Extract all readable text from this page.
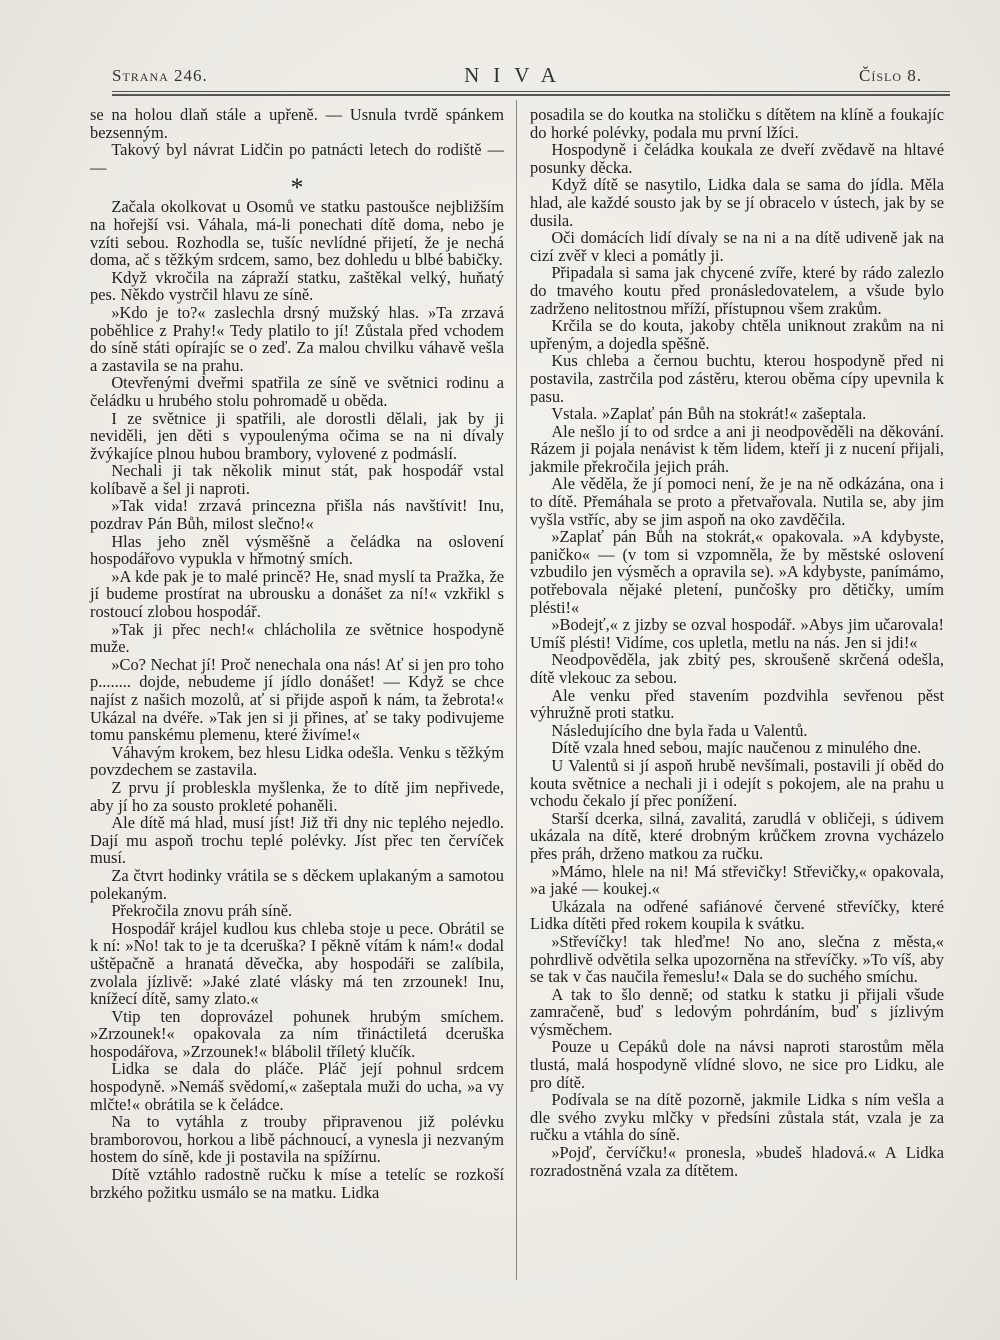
Strana 246.	NIVA	Číslo 8.

se na holou dlaň stále a upřeně. — Usnula tvrdě spánkem bezsenným.

Takový byl návrat Lidčin po patnácti letech do rodiště — —

*

Začala okolkovat u Osomů ve statku pastoušce nejbližším na hořejší vsi. Váhala, má-li ponechati dítě doma, nebo je vzíti sebou. Rozhodla se, tušíc nevlídné přijetí, že je nechá doma, ač s těžkým srdcem, samo, bez dohledu u blbé babičky.

Když vkročila na zápraží statku, zaštěkal velký, huňatý pes. Někdo vystrčil hlavu ze síně.

»Kdo je to?« zaslechla drsný mužský hlas. »Ta zrzavá poběhlice z Prahy!« Tedy platilo to jí! Zůstala před vchodem do síně státi opírajíc se o zeď. Za malou chvilku váhavě vešla a zastavila se na prahu.

Otevřenými dveřmi spatřila ze síně ve světnici rodinu a čeládku u hrubého stolu pohromadě u oběda.

I ze světnice ji spatřili, ale dorostli dělali, jak by ji neviděli, jen děti s vypoulenýma očima se na ni dívaly žvýkajíce plnou hubou brambory, vylovené z podmáslí.

Nechali ji tak několik minut stát, pak hospodář vstal kolíbavě a šel ji naproti.

»Tak vida! zrzavá princezna přišla nás navštívit! Inu, pozdrav Pán Bůh, milost slečno!«

Hlas jeho zněl výsměšně a čeládka na oslovení hospodářovo vypukla v hřmotný smích.

»A kde pak je to malé princě? He, snad myslí ta Pražka, že jí budeme prostírat na ubrousku a donášet za ní!« vzkřikl s rostoucí zlobou hospodář.

»Tak ji přec nech!« chlácholila ze světnice hospodyně muže.

»Co? Nechat jí! Proč nenechala ona nás! Ať si jen pro toho p........ dojde, nebudeme jí jídlo donášet! — Když se chce najíst z našich mozolů, ať si přijde aspoň k nám, ta žebrota!« Ukázal na dvéře. »Tak jen si ji přines, ať se taky podivujeme tomu panskému plemenu, které živíme!«

Váhavým krokem, bez hlesu Lidka odešla. Venku s těžkým povzdechem se zastavila.

Z prvu jí probleskla myšlenka, že to dítě jim nepřivede, aby jí ho za sousto prokleté pohaněli.

Ale dítě má hlad, musí jíst! Již tři dny nic teplého nejedlo. Dají mu aspoň trochu teplé polévky. Jíst přec ten červíček musí.

Za čtvrt hodinky vrátila se s děckem uplakaným a samotou polekaným.

Překročila znovu práh síně.

Hospodář krájel kudlou kus chleba stoje u pece. Obrátil se k ní: »No! tak to je ta dceruška? I pěkně vítám k nám!« dodal uštěpačně a hranatá děvečka, aby hospodáři se zalíbila, zvolala jízlivě: »Jaké zlaté vlásky má ten zrzounek! Inu, knížecí dítě, samy zlato.«

Vtip ten doprovázel pohunek hrubým smíchem. »Zrzounek!« opakovala za ním třináctiletá dceruška hospodářova, »Zrzounek!« blábolil tříletý klučík.

Lidka se dala do pláče. Pláč její pohnul srdcem hospodyně. »Nemáš svědomí,« zašeptala muži do ucha, »a vy mlčte!« obrátila se k čeládce.

Na to vytáhla z trouby připravenou již polévku bramborovou, horkou a libě páchnoucí, a vynesla ji nezvaným hostem do síně, kde ji postavila na spížírnu.

Dítě vztáhlo radostně ručku k míse a tetelíc se rozkoší brzkého požitku usmálo se na matku. Lidka

posadila se do koutka na stoličku s dítětem na klíně a foukajíc do horké polévky, podala mu první lžíci.

Hospodyně i čeládka koukala ze dveří zvědavě na hltavé posunky děcka.

Když dítě se nasytilo, Lidka dala se sama do jídla. Měla hlad, ale každé sousto jak by se jí obracelo v ústech, jak by se dusila.

Oči domácích lidí dívaly se na ni a na dítě udiveně jak na cizí zvěř v kleci a pomátly ji.

Připadala si sama jak chycené zvíře, které by rádo zalezlo do tmavého koutu před pronásledovatelem, a všude bylo zadrženo nelitostnou mříží, přístupnou všem zrakům.

Krčila se do kouta, jakoby chtěla uniknout zrakům na ni upřeným, a dojedla spěšně.

Kus chleba a černou buchtu, kterou hospodyně před ni postavila, zastrčila pod zástěru, kterou oběma cípy upevnila k pasu.

Vstala. »Zaplať pán Bůh na stokrát!« zašeptala.

Ale nešlo jí to od srdce a ani ji neodpověděli na děkování. Rázem ji pojala nenávist k těm lidem, kteří ji z nucení přijali, jakmile překročila jejich práh.

Ale věděla, že jí pomoci není, že je na ně odkázána, ona i to dítě. Přemáhala se proto a přetvařovala. Nutila se, aby jim vyšla vstříc, aby se jim aspoň na oko zavděčila.

»Zaplať pán Bůh na stokrát,« opakovala. »A kdybyste, paničko« — (v tom si vzpomněla, že by městské oslovení vzbudilo jen výsměch a opravila se). »A kdybyste, panímámo, potřebovala nějaké pletení, punčošky pro dětičky, umím plésti!«

»Bodejť,« z jizby se ozval hospodář. »Abys jim učarovala! Umíš plésti! Vidíme, cos upletla, metlu na nás. Jen si jdi!«

Neodpověděla, jak zbitý pes, skroušeně skrčená odešla, dítě vlekouc za sebou.

Ale venku před stavením pozdvihla sevřenou pěst výhružně proti statku.

Následujícího dne byla řada u Valentů.

Dítě vzala hned sebou, majíc naučenou z minulého dne.

U Valentů si jí aspoň hrubě nevšímali, postavili jí oběd do kouta světnice a nechali ji i odejít s pokojem, ale na prahu u vchodu čekalo jí přec ponížení.

Starší dcerka, silná, zavalitá, zarudlá v obličeji, s údivem ukázala na dítě, které drobným krůčkem zrovna vycházelo přes práh, drženo matkou za ručku.

»Mámo, hlele na ni! Má střevičky! Střevičky,« opakovala, »a jaké — koukej.«

Ukázala na odřené safiánové červené střevíčky, které Lidka dítěti před rokem koupila k svátku.

»Střevíčky! tak hleďme! No ano, slečna z města,« pohrdlivě odvětila selka upozorněna na střevíčky. »To víš, aby se tak v čas naučila řemeslu!« Dala se do suchého smíchu.

A tak to šlo denně; od statku k statku ji přijali všude zamračeně, buď s ledovým pohrdáním, buď s jízlivým výsměchem.

Pouze u Cepáků dole na návsi naproti starostům měla tlustá, malá hospodyně vlídné slovo, ne sice pro Lidku, ale pro dítě.

Podívala se na dítě pozorně, jakmile Lidka s ním vešla a dle svého zvyku mlčky v předsíni zůstala stát, vzala je za ručku a vtáhla do síně.

»Pojď, červíčku!« pronesla, »budeš hladová.« A Lidka rozradostněná vzala za dítětem.
